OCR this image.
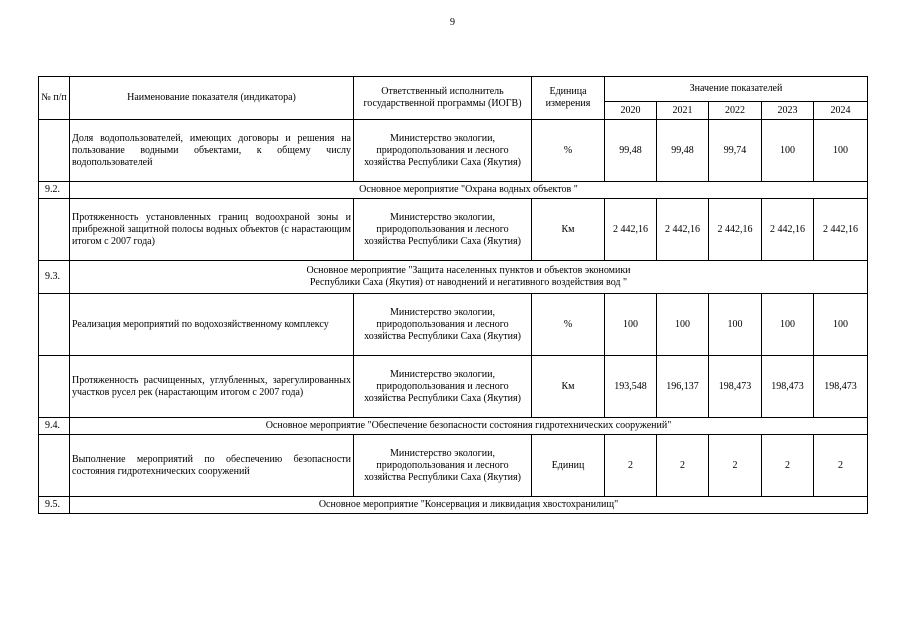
9
№ п/п	Наименование показателя (индикатора)	Ответственный исполнитель государственной программы (ИОГВ)	Единица измерения	Значение показателей				
				2020	2021	2022	2023	2024
	Доля водопользователей, имеющих договоры и решения на пользование водными объектами, к общему числу водопользователей	Министерство экологии, природопользования и лесного хозяйства Республики Саха (Якутия)	%	99,48	99,48	99,74	100	100
9.2.	Основное мероприятие "Охрана водных объектов "							
	Протяженность установленных границ водоохраной зоны и прибрежной защитной полосы водных объектов (с нарастающим итогом с 2007 года)	Министерство экологии, природопользования и лесного хозяйства Республики Саха (Якутия)	Км	2 442,16	2 442,16	2 442,16	2 442,16	2 442,16
9.3.	Основное мероприятие "Защита населенных пунктов и объектов экономики
Республики Саха (Якутия) от наводнений и негативного воздействия вод "							

	Реализация мероприятий по водохозяйственному комплексу	Министерство экологии, природопользования и лесного хозяйства Республики Саха (Якутия)	%	100	100	100	100	100
	Протяженность расчищенных, углубленных, зарегулированных участков русел рек (нарастающим итогом с 2007 года)	Министерство экологии, природопользования и лесного хозяйства Республики Саха (Якутия)	Км	193,548	196,137	198,473	198,473	198,473
9.4.	Основное мероприятие "Обеспечение безопасности состояния гидротехнических сооружений"							
	Выполнение мероприятий по обеспечению безопасности состояния гидротехнических сооружений	Министерство экологии, природопользования и лесного хозяйства Республики Саха (Якутия)	Единиц	2	2	2	2	2
9.5.	Основное мероприятие "Консервация и ликвидация хвостохранилищ"							
